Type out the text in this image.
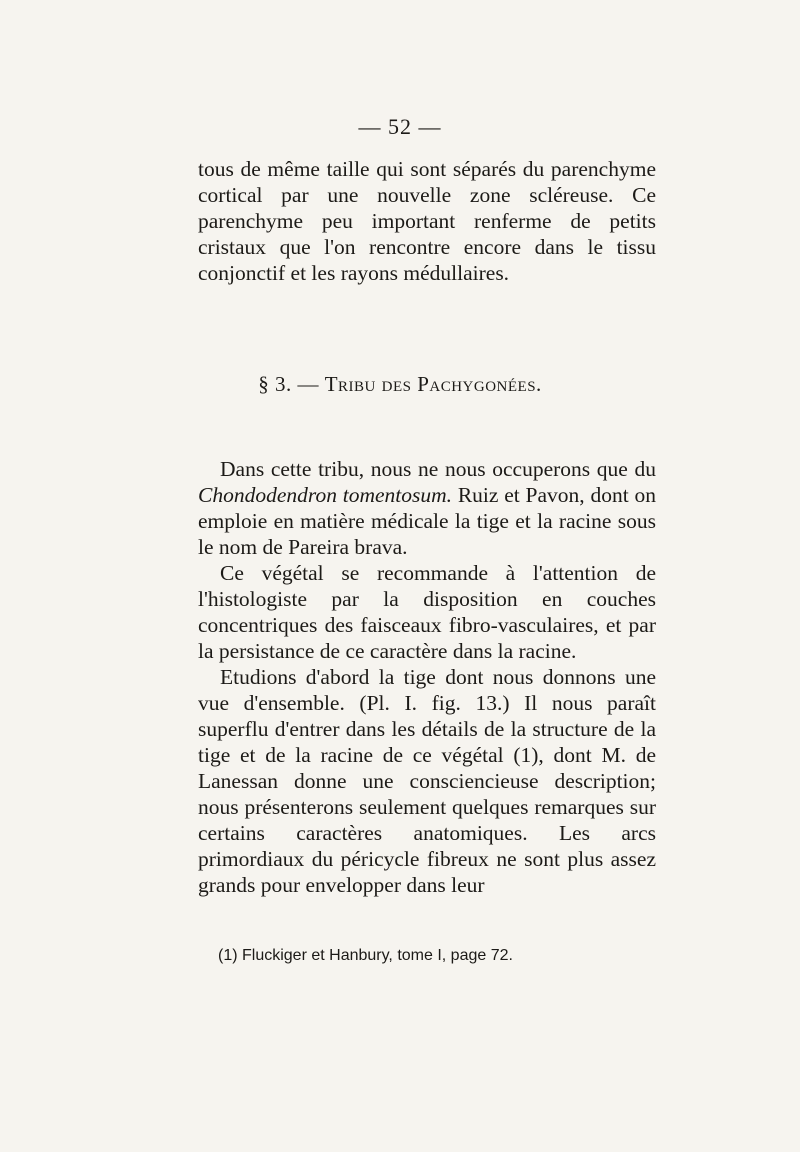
— 52 —

tous de même taille qui sont séparés du parenchyme cortical par une nouvelle zone scléreuse. Ce parenchyme peu important renferme de petits cristaux que l'on rencontre encore dans le tissu conjonctif et les rayons médullaires.

§ 3. — Tribu des Pachygonées.

Dans cette tribu, nous ne nous occuperons que du Chondodendron tomentosum. Ruiz et Pavon, dont on emploie en matière médicale la tige et la racine sous le nom de Pareira brava.

Ce végétal se recommande à l'attention de l'histologiste par la disposition en couches concentriques des faisceaux fibro-vasculaires, et par la persistance de ce caractère dans la racine.

Etudions d'abord la tige dont nous donnons une vue d'ensemble. (Pl. I. fig. 13.) Il nous paraît superflu d'entrer dans les détails de la structure de la tige et de la racine de ce végétal (1), dont M. de Lanessan donne une consciencieuse description; nous présenterons seulement quelques remarques sur certains caractères anatomiques. Les arcs primordiaux du péricycle fibreux ne sont plus assez grands pour envelopper dans leur

(1) Fluckiger et Hanbury, tome I, page 72.
